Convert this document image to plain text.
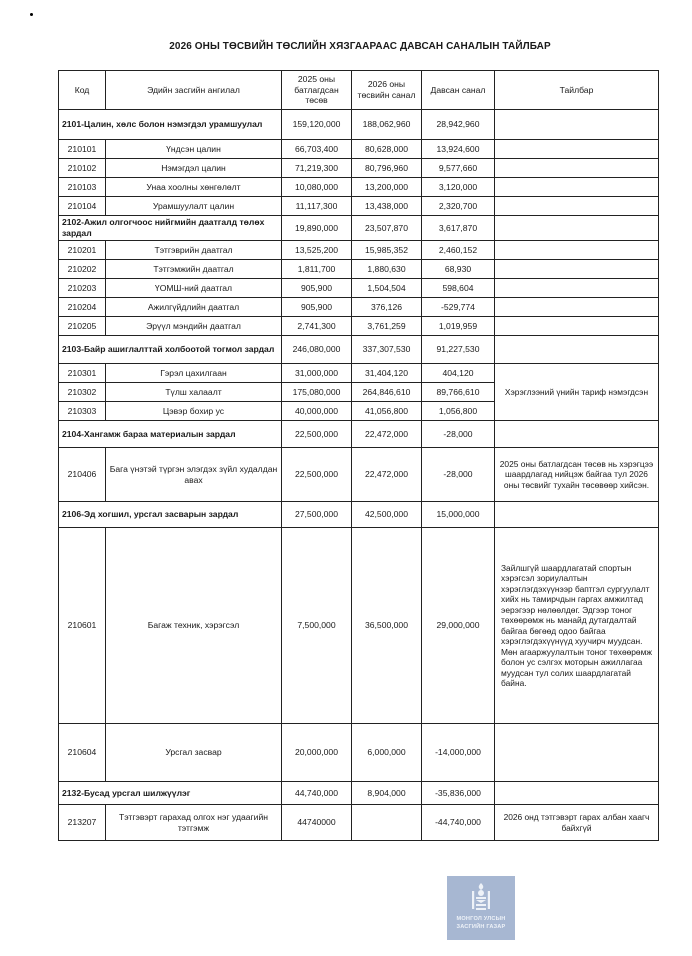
2026 ОНЫ ТӨСВИЙН ТӨСЛИЙН ХЯЗГААРААС ДАВСАН САНАЛЫН ТАЙЛБАР
Код	Эдийн засгийн ангилал	2025 оны батлагдсан төсөв	2026 оны төсвийн санал	Давсан санал	Тайлбар
2101-Цалин, хөлс болон нэмэгдэл урамшуулал		159,120,000	188,062,960	28,942,960	
210101	Үндсэн цалин	66,703,400	80,628,000	13,924,600	
210102	Нэмэгдэл цалин	71,219,300	80,796,960	9,577,660	
210103	Унаа хоолны хөнгөлөлт	10,080,000	13,200,000	3,120,000	
210104	Урамшуулалт цалин	11,117,300	13,438,000	2,320,700	
2102-Ажил олгогчоос нийгмийн даатгалд төлөх зардал		19,890,000	23,507,870	3,617,870	
210201	Тэтгэврийн даатгал	13,525,200	15,985,352	2,460,152	
210202	Тэтгэмжийн даатгал	1,811,700	1,880,630	68,930	
210203	ҮОМШ-ний даатгал	905,900	1,504,504	598,604	
210204	Ажилгүйдлийн даатгал	905,900	376,126	-529,774	
210205	Эрүүл мэндийн даатгал	2,741,300	3,761,259	1,019,959	
2103-Байр ашиглалттай холбоотой тогмол зардал		246,080,000	337,307,530	91,227,530	
210301	Гэрэл цахилгаан	31,000,000	31,404,120	404,120	Хэрэглээний үнийн тариф нэмэгдсэн
210302	Түлш халаалт	175,080,000	264,846,610	89,766,610	
210303	Цэвэр бохир ус	40,000,000	41,056,800	1,056,800	
2104-Хангамж бараа материалын зардал		22,500,000	22,472,000	-28,000	
210406	Бага үнэтэй түргэн элэгдэх зүйл худалдан авах	22,500,000	22,472,000	-28,000	2025 оны батлагдсан төсөв нь хэрэгцээ шаардлагад нийцэж байгаа тул 2026 оны төсвийг тухайн төсөвөөр хийсэн.
2106-Эд хогшил, урсгал засварын зардал		27,500,000	42,500,000	15,000,000	
210601	Багаж техник, хэрэгсэл	7,500,000	36,500,000	29,000,000	Зайлшгүй шаардлагатай спортын хэрэгсэл зориулалтын хэрэглэгдэхүүнээр баптгэл сургуулалт хийх нь тамирчдын гаргах амжилтад эерэгээр нөлөөлдөг. Эдгээр тоног төхөөрөмж нь манайд дутагдалтай байгаа бөгөөд одоо байгаа хэрэглэгдэхүүнүүд хуучирч муудсан. Мөн агааржуулалтын тоног төхөөрөмж болон ус сэлгэх моторын ажиллагаа муудсан тул солих шаардлагатай байна.
210604	Урсгал засвар	20,000,000	6,000,000	-14,000,000	
2132-Бусад урсгал шилжүүлэг		44,740,000	8,904,000	-35,836,000	
213207	Тэтгэвэрт гарахад олгох нэг удаагийн тэтгэмж	44740000		-44,740,000	2026 онд тэтгэвэрт гарах албан хаагч байхгүй
МОНГОЛ УЛСЫН
ЗАСГИЙН ГАЗАР
